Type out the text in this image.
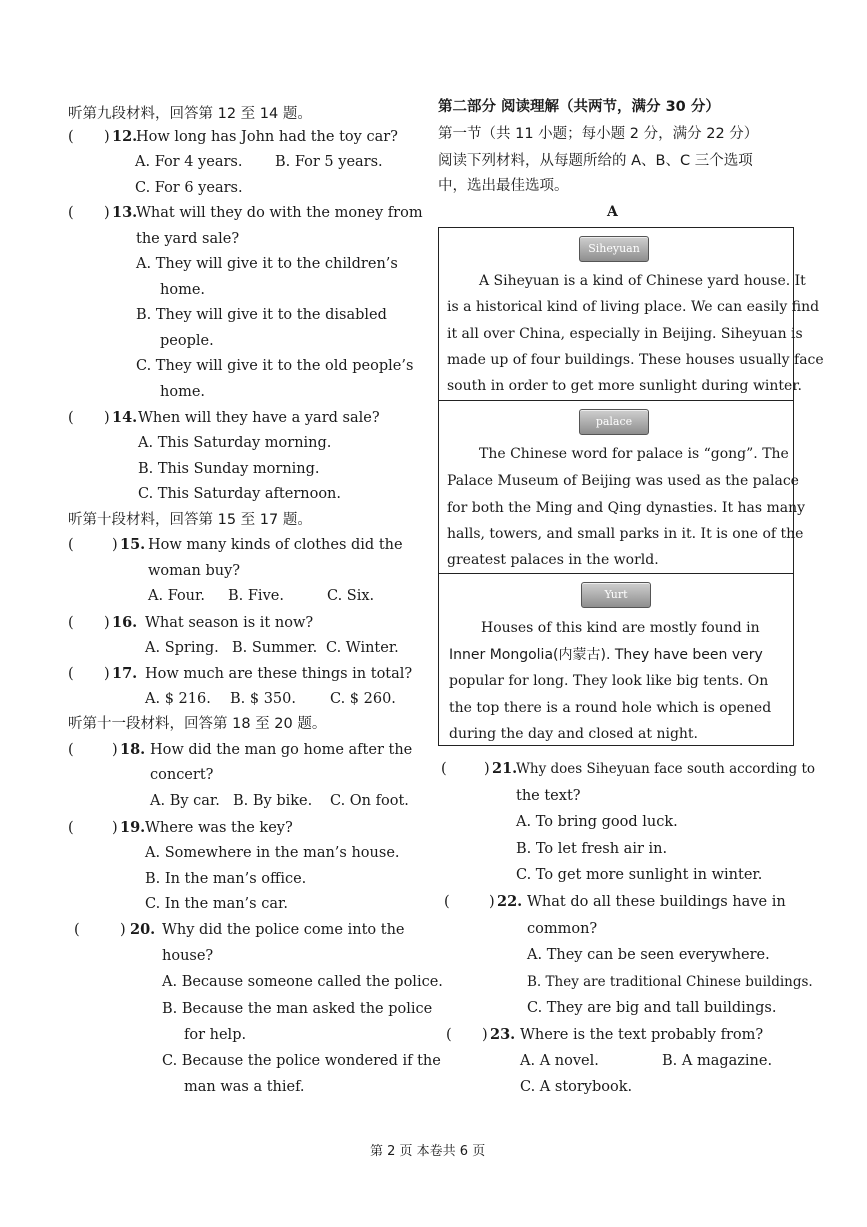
听第九段材料，回答第 12 至 14 题。
( ) 12.
How long has John had the toy car?
A. For 4 years. B. For 5 years.
C. For 6 years.
( ) 13.
What will they do with the money from
the yard sale?
A. They will give it to the children’s
home.
B. They will give it to the disabled
people.
C. They will give it to the old people’s
home.
( ) 14. When will they have a yard sale?
A. This Saturday morning.
B. This Sunday morning.
C. This Saturday afternoon.
听第十段材料，回答第 15 至 17 题。
(	) 15. How many kinds of clothes did the
woman buy?
A. Four. B. Five.	C. Six.
( ) 16. What season is it now?
A. Spring. B. Summer. C. Winter.
( ) 17. How much are these things in total?
A. $ 216. B. $ 350. C. $ 260.
听第十一段材料，回答第 18 至 20 题。
(	) 18. How did the man go home after the
concert?
A. By car. B. By bike. C. On foot.
(	) 19. Where was the key?
A. Somewhere in the man’s house.
B. In the man’s office.
C. In the man’s car.
(	) 20. Why did the police come into the
house?
A. Because someone called the police.
B. Because the man asked the police
for help.
C. Because the police wondered if the
man was a thief.
第二部分 阅读理解（共两节，满分 30 分）
第一节（共 11 小题；每小题 2 分，满分 22 分）
阅读下列材料，从每题所给的 A、B、C 三个选项
中，选出最佳选项。
A
Siheyuan
A Siheyuan is a kind of Chinese yard house. It
is a historical kind of living place. We can easily find
it all over China, especially in Beijing. Siheyuan is
made up of four buildings. These houses usually face
south in order to get more sunlight during winter.
palace
The Chinese word for palace is “gong”. The
Palace Museum of Beijing was used as the palace
for both the Ming and Qing dynasties. It has many
halls, towers, and small parks in it. It is one of the
greatest palaces in the world.
Yurt
Houses of this kind are mostly found in
Inner Mongolia(内蒙古). They have been very
popular for long. They look like big tents. On
the top there is a round hole which is opened
during the day and closed at night.
(	) 21.
Why does Siheyuan face south according to
the text?
A. To bring good luck.
B. To let fresh air in.
C. To get more sunlight in winter.
(	) 22. What do all these buildings have in
common?
A. They can be seen everywhere.
B. They are traditional Chinese buildings.
C. They are big and tall buildings.
( ) 23. Where is the text probably from?
A. A novel.	B. A magazine.
C. A storybook.
第 2 页 本卷共 6 页
